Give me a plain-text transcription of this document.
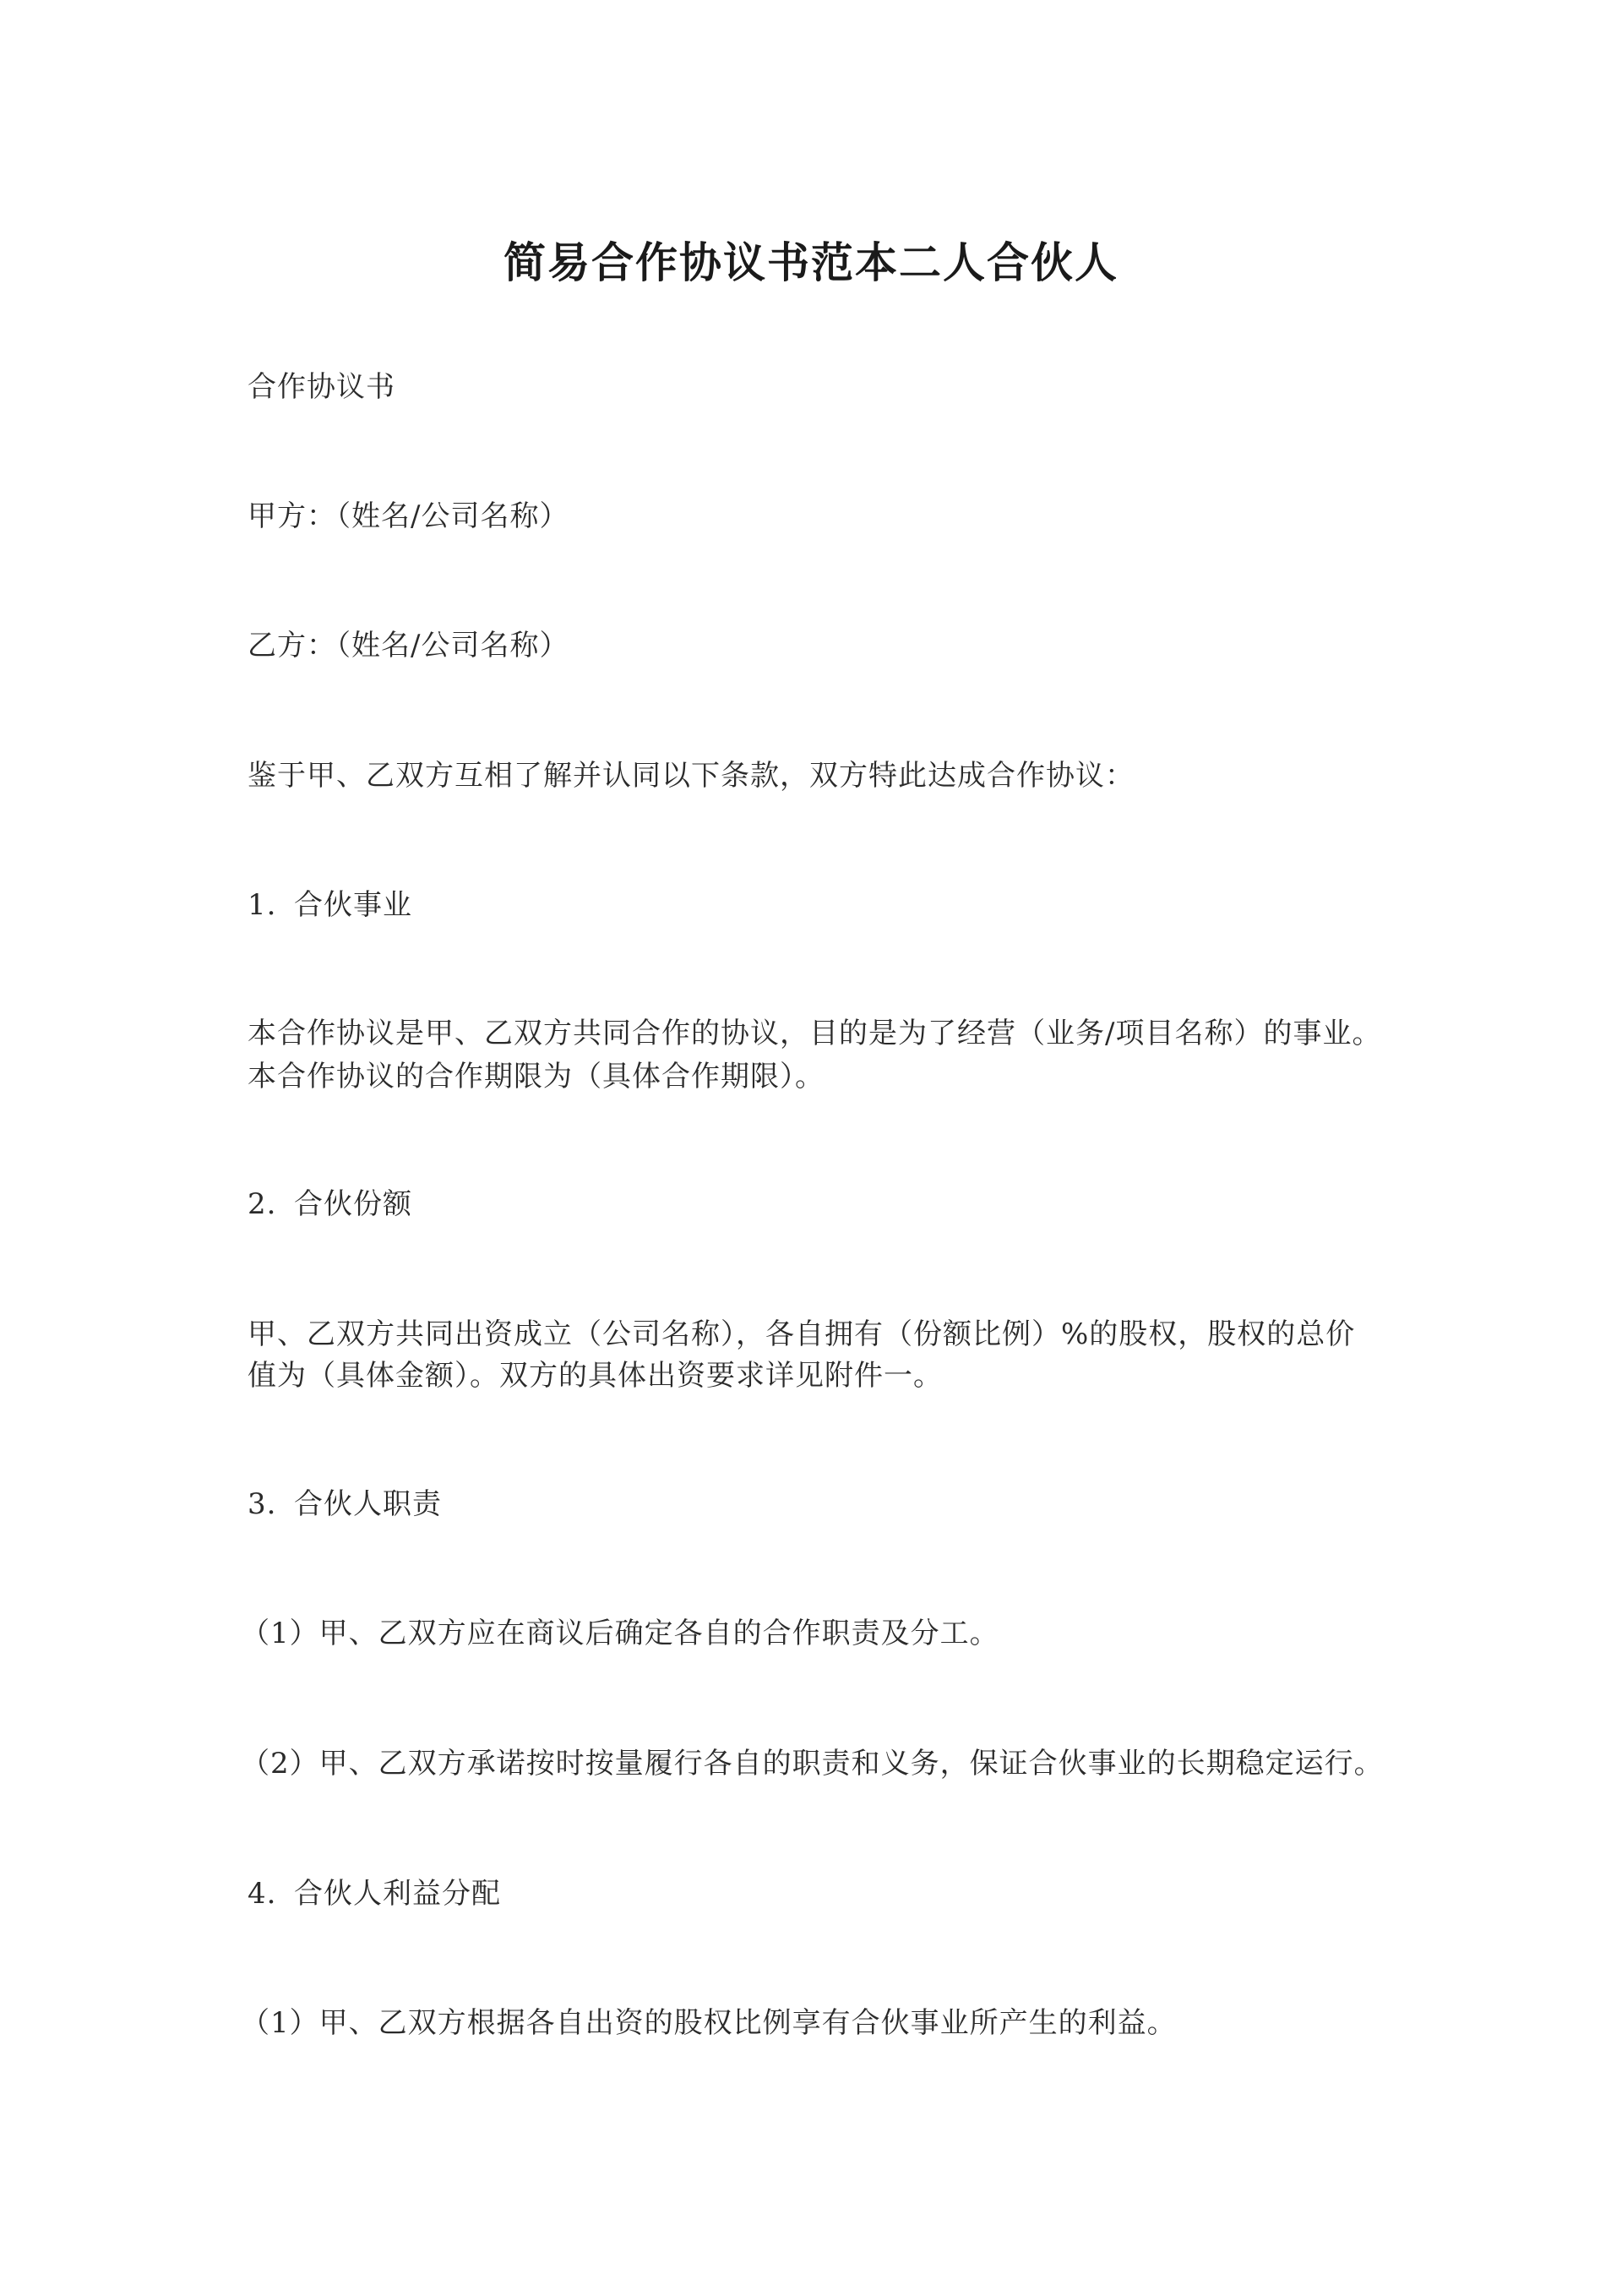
简易合作协议书范本二人合伙人
合作协议书
甲方：（姓名/公司名称）
乙方：（姓名/公司名称）
鉴于甲、乙双方互相了解并认同以下条款，双方特此达成合作协议：
1. 合伙事业
本合作协议是甲、乙双方共同合作的协议，目的是为了经营（业务/项目名称）的事业。
本合作协议的合作期限为（具体合作期限）。
2. 合伙份额
甲、乙双方共同出资成立（公司名称），各自拥有（份额比例）%的股权，股权的总价
值为（具体金额）。双方的具体出资要求详见附件一。
3. 合伙人职责
（1）甲、乙双方应在商议后确定各自的合作职责及分工。
（2）甲、乙双方承诺按时按量履行各自的职责和义务，保证合伙事业的长期稳定运行。
4. 合伙人利益分配
（1）甲、乙双方根据各自出资的股权比例享有合伙事业所产生的利益。
